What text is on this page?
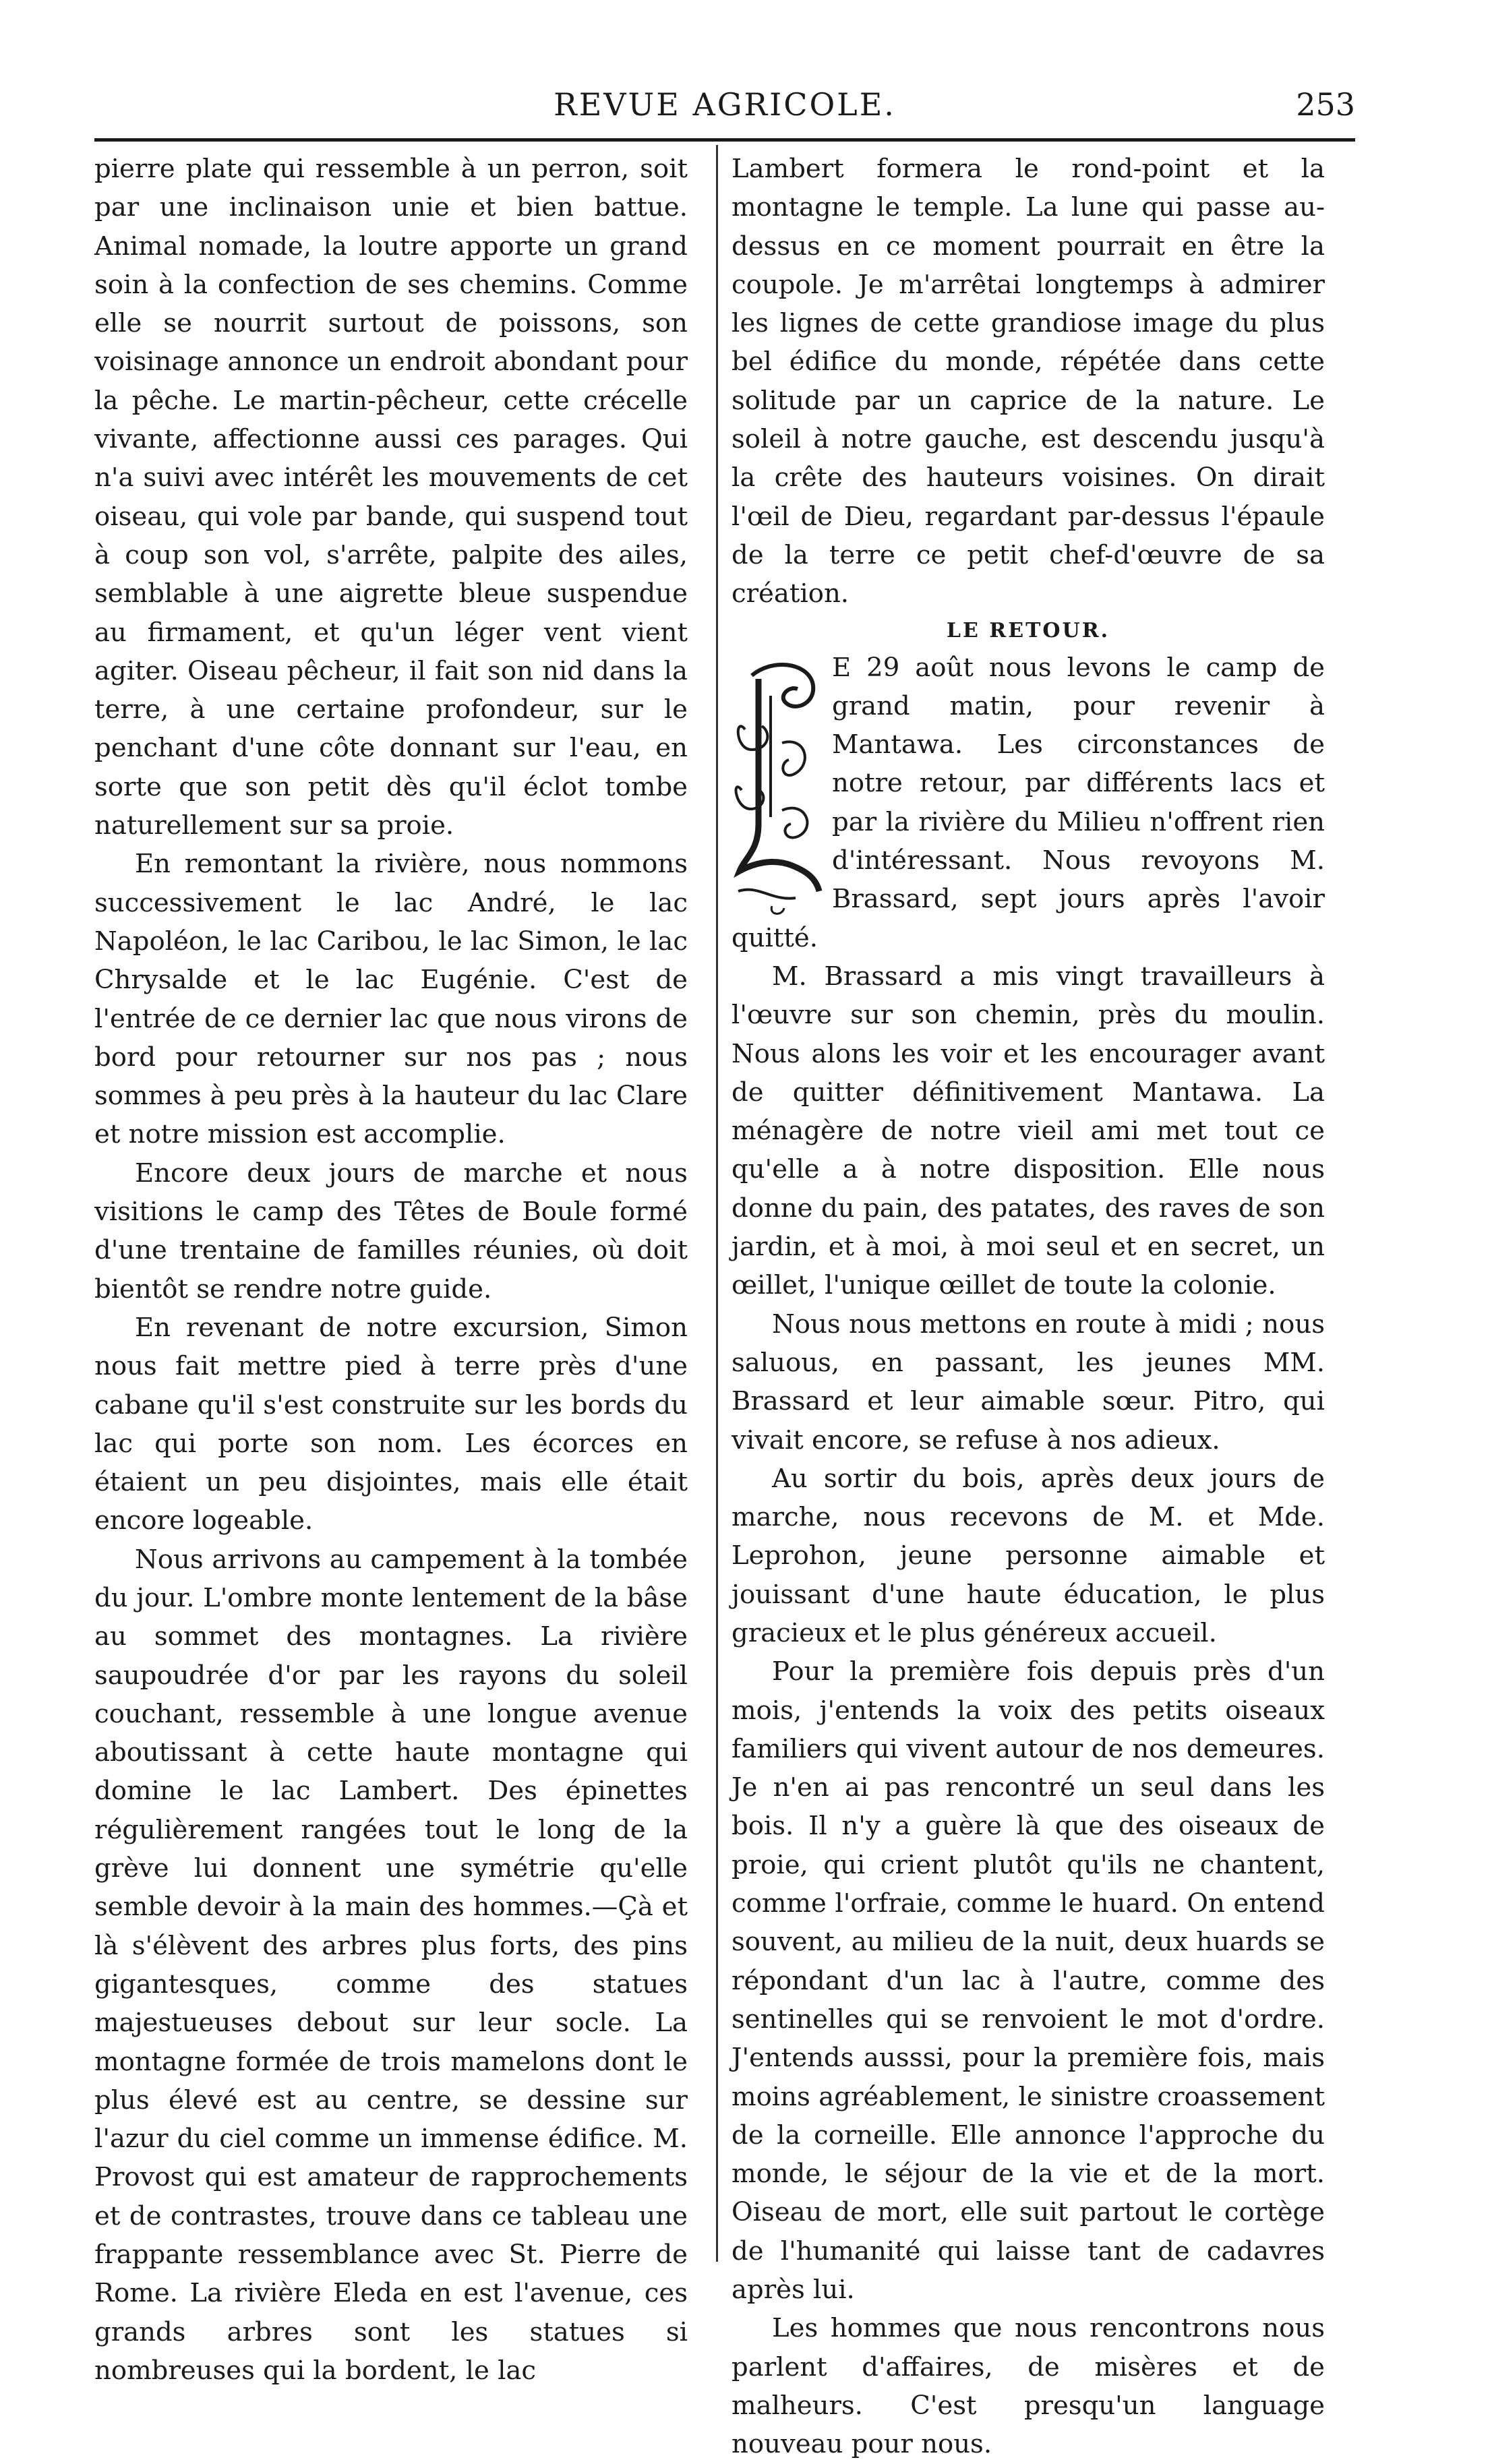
REVUE AGRICOLE.	253

pierre plate qui ressemble à un perron, soit par une inclinaison unie et bien battue. Animal nomade, la loutre apporte un grand soin à la confection de ses chemins. Comme elle se nourrit surtout de poissons, son voisinage annonce un endroit abondant pour la pêche. Le martin-pêcheur, cette crécelle vivante, affectionne aussi ces parages. Qui n'a suivi avec intérêt les mouvements de cet oiseau, qui vole par bande, qui suspend tout à coup son vol, s'arrête, palpite des ailes, semblable à une aigrette bleue suspendue au firmament, et qu'un léger vent vient agiter. Oiseau pêcheur, il fait son nid dans la terre, à une certaine profondeur, sur le penchant d'une côte donnant sur l'eau, en sorte que son petit dès qu'il éclot tombe naturellement sur sa proie.

En remontant la rivière, nous nommons successivement le lac André, le lac Napoléon, le lac Caribou, le lac Simon, le lac Chrysalde et le lac Eugénie. C'est de l'entrée de ce dernier lac que nous virons de bord pour retourner sur nos pas ; nous sommes à peu près à la hauteur du lac Clare et notre mission est accomplie.

Encore deux jours de marche et nous visitions le camp des Têtes de Boule formé d'une trentaine de familles réunies, où doit bientôt se rendre notre guide.

En revenant de notre excursion, Simon nous fait mettre pied à terre près d'une cabane qu'il s'est construite sur les bords du lac qui porte son nom. Les écorces en étaient un peu disjointes, mais elle était encore logeable.

Nous arrivons au campement à la tombée du jour. L'ombre monte lentement de la bâse au sommet des montagnes. La rivière saupoudrée d'or par les rayons du soleil couchant, ressemble à une longue avenue aboutissant à cette haute montagne qui domine le lac Lambert. Des épinettes régulièrement rangées tout le long de la grève lui donnent une symétrie qu'elle semble devoir à la main des hommes.—Çà et là s'élèvent des arbres plus forts, des pins gigantesques, comme des statues majestueuses debout sur leur socle. La montagne formée de trois mamelons dont le plus élevé est au centre, se dessine sur l'azur du ciel comme un immense édifice. M. Provost qui est amateur de rapprochements et de contrastes, trouve dans ce tableau une frappante ressemblance avec St. Pierre de Rome. La rivière Eleda en est l'avenue, ces grands arbres sont les statues si nombreuses qui la bordent, le lac

Lambert formera le rond-point et la montagne le temple. La lune qui passe au-dessus en ce moment pourrait en être la coupole. Je m'arrêtai longtemps à admirer les lignes de cette grandiose image du plus bel édifice du monde, répétée dans cette solitude par un caprice de la nature. Le soleil à notre gauche, est descendu jusqu'à la crête des hauteurs voisines. On dirait l'œil de Dieu, regardant par-dessus l'épaule de la terre ce petit chef-d'œuvre de sa création.

LE RETOUR.

E 29 août nous levons le camp de grand matin, pour revenir à Mantawa. Les circonstances de notre retour, par différents lacs et par la rivière du Milieu n'offrent rien d'intéressant. Nous revoyons M. Brassard, sept jours après l'avoir quitté.

M. Brassard a mis vingt travailleurs à l'œuvre sur son chemin, près du moulin. Nous alons les voir et les encourager avant de quitter définitivement Mantawa. La ménagère de notre vieil ami met tout ce qu'elle a à notre disposition. Elle nous donne du pain, des patates, des raves de son jardin, et à moi, à moi seul et en secret, un œillet, l'unique œillet de toute la colonie.

Nous nous mettons en route à midi ; nous saluous, en passant, les jeunes MM. Brassard et leur aimable sœur. Pitro, qui vivait encore, se refuse à nos adieux.

Au sortir du bois, après deux jours de marche, nous recevons de M. et Mde. Leprohon, jeune personne aimable et jouissant d'une haute éducation, le plus gracieux et le plus généreux accueil.

Pour la première fois depuis près d'un mois, j'entends la voix des petits oiseaux familiers qui vivent autour de nos demeures. Je n'en ai pas rencontré un seul dans les bois. Il n'y a guère là que des oiseaux de proie, qui crient plutôt qu'ils ne chantent, comme l'orfraie, comme le huard. On entend souvent, au milieu de la nuit, deux huards se répondant d'un lac à l'autre, comme des sentinelles qui se renvoient le mot d'ordre. J'entends ausssi, pour la première fois, mais moins agréablement, le sinistre croassement de la corneille. Elle annonce l'approche du monde, le séjour de la vie et de la mort. Oiseau de mort, elle suit partout le cortège de l'humanité qui laisse tant de cadavres après lui.

Les hommes que nous rencontrons nous parlent d'affaires, de misères et de malheurs. C'est presqu'un language nouveau pour nous.
